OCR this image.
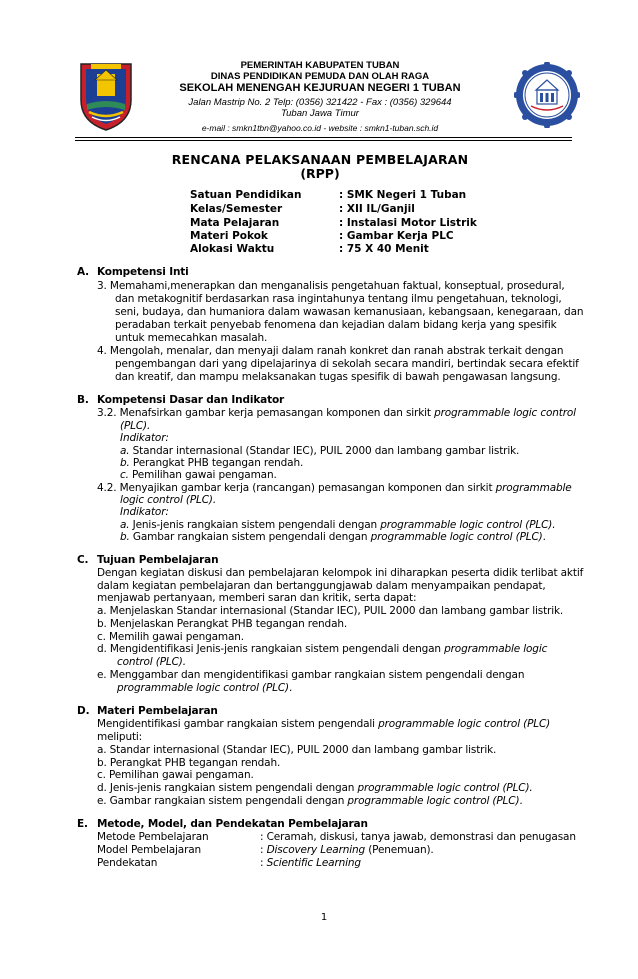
PEMERINTAH KABUPATEN TUBAN
DINAS PENDIDIKAN PEMUDA DAN OLAH RAGA
SEKOLAH MENENGAH KEJURUAN NEGERI 1 TUBAN
Jalan Mastrip No. 2 Telp: (0356) 321422 - Fax : (0356) 329644
Tuban Jawa Timur
e-mail : smkn1tbn@yahoo.co.id - website : smkn1-tuban.sch.id
RENCANA PELAKSANAAN PEMBELAJARAN
(RPP)
Satuan Pendidikan	: SMK Negeri 1 Tuban
Kelas/Semester	: XII IL/Ganjil
Mata Pelajaran	: Instalasi Motor Listrik
Materi Pokok	: Gambar Kerja PLC
Alokasi Waktu	: 75 X 40 Menit
A. Kompetensi Inti
3. Memahami,menerapkan dan menganalisis pengetahuan faktual, konseptual, prosedural,
dan metakognitif berdasarkan rasa ingintahunya tentang ilmu pengetahuan, teknologi,
seni, budaya, dan humaniora dalam wawasan kemanusiaan, kebangsaan, kenegaraan, dan
peradaban terkait penyebab fenomena dan kejadian dalam bidang kerja yang spesifik
untuk memecahkan masalah.
4. Mengolah, menalar, dan menyaji dalam ranah konkret dan ranah abstrak terkait dengan
pengembangan dari yang dipelajarinya di sekolah secara mandiri, bertindak secara efektif
dan kreatif, dan mampu melaksanakan tugas spesifik di bawah pengawasan langsung.
B. Kompetensi Dasar dan Indikator
3.2. Menafsirkan gambar kerja pemasangan komponen dan sirkit programmable logic control
(PLC).
Indikator:
a. Standar internasional (Standar IEC), PUIL 2000 dan lambang gambar listrik.
b. Perangkat PHB tegangan rendah.
c. Pemilihan gawai pengaman.
4.2. Menyajikan gambar kerja (rancangan) pemasangan komponen dan sirkit programmable
logic control (PLC).
Indikator:
a. Jenis-jenis rangkaian sistem pengendali dengan programmable logic control (PLC).
b. Gambar rangkaian sistem pengendali dengan programmable logic control (PLC).
C. Tujuan Pembelajaran
Dengan kegiatan diskusi dan pembelajaran kelompok ini diharapkan peserta didik terlibat aktif
dalam kegiatan pembelajaran dan bertanggungjawab dalam menyampaikan pendapat,
menjawab pertanyaan, memberi saran dan kritik, serta dapat:
a. Menjelaskan Standar internasional (Standar IEC), PUIL 2000 dan lambang gambar listrik.
b. Menjelaskan Perangkat PHB tegangan rendah.
c. Memilih gawai pengaman.
d. Mengidentifikasi Jenis-jenis rangkaian sistem pengendali dengan programmable logic
control (PLC).
e. Menggambar dan mengidentifikasi gambar rangkaian sistem pengendali dengan
programmable logic control (PLC).
D. Materi Pembelajaran
Mengidentifikasi gambar rangkaian sistem pengendali programmable logic control (PLC)
meliputi:
a. Standar internasional (Standar IEC), PUIL 2000 dan lambang gambar listrik.
b. Perangkat PHB tegangan rendah.
c. Pemilihan gawai pengaman.
d. Jenis-jenis rangkaian sistem pengendali dengan programmable logic control (PLC).
e. Gambar rangkaian sistem pengendali dengan programmable logic control (PLC).
E. Metode, Model, dan Pendekatan Pembelajaran
Metode Pembelajaran	: Ceramah, diskusi, tanya jawab, demonstrasi dan penugasan
Model Pembelajaran	: Discovery Learning (Penemuan).
Pendekatan	: Scientific Learning
1
